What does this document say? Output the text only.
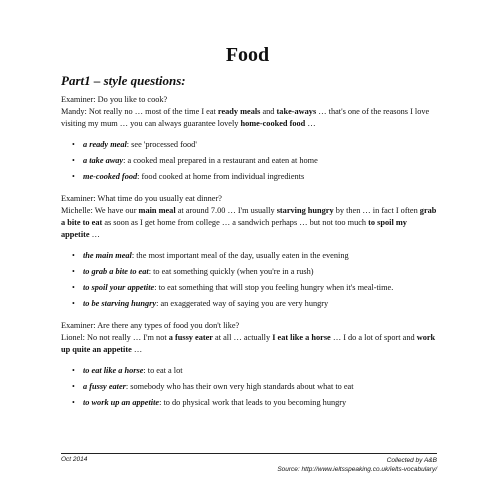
Food
Part1 – style questions:

Examiner: Do you like to cook?

Mandy: Not really no … most of the time I eat ready meals and take-aways … that's one of the reasons I love visiting my mum … you can always guarantee lovely home-cooked food …

• a ready meal: see 'processed food'
• a take away: a cooked meal prepared in a restaurant and eaten at home
• me-cooked food: food cooked at home from individual ingredients

Examiner: What time do you usually eat dinner?

Michelle: We have our main meal at around 7.00 … I'm usually starving hungry by then … in fact I often grab a bite to eat as soon as I get home from college … a sandwich perhaps … but not too much to spoil my appetite …

• the main meal: the most important meal of the day, usually eaten in the evening
• to grab a bite to eat: to eat something quickly (when you're in a rush)
• to spoil your appetite: to eat something that will stop you feeling hungry when it's meal-time.
• to be starving hungry: an exaggerated way of saying you are very hungry

Examiner: Are there any types of food you don't like?

Lionel: No not really … I'm not a fussy eater at all … actually I eat like a horse … I do a lot of sport and work up quite an appetite …

• to eat like a horse: to eat a lot
• a fussy eater: somebody who has their own very high standards about what to eat
• to work up an appetite: to do physical work that leads to you becoming hungry
Oct 2014	Collected by A&B
Source: http://www.ieltsspeaking.co.uk/ielts-vocabulary/
